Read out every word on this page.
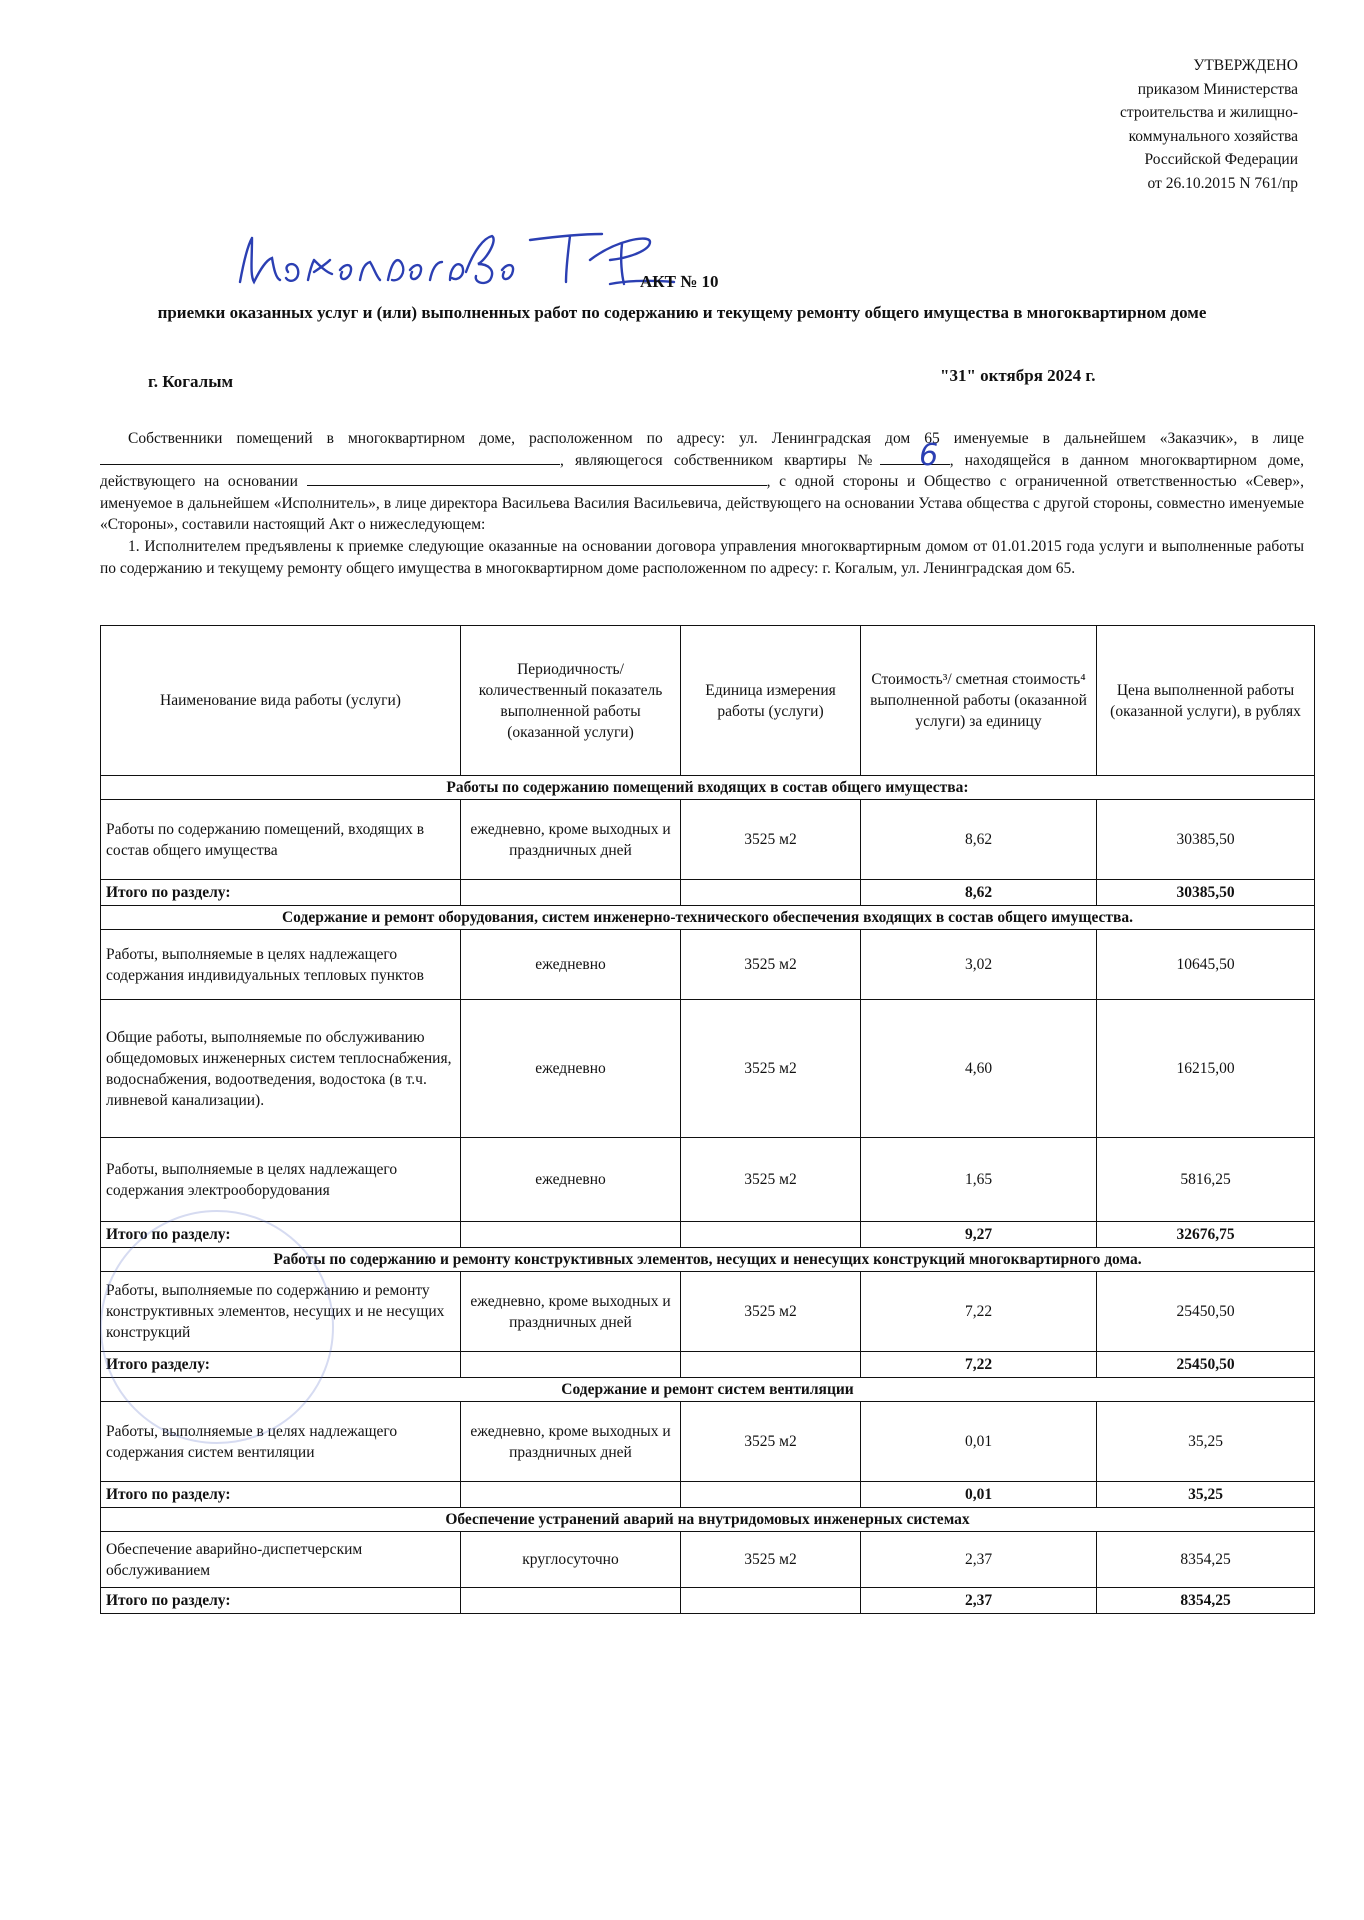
УТВЕРЖДЕНО
приказом Министерства
строительства и жилищно-
коммунального хозяйства
Российской Федерации
от 26.10.2015 N 761/пр
АКТ № 10
приемки оказанных услуг и (или) выполненных работ по содержанию и текущему ремонту общего имущества в многоквартирном доме
г. Когалым	"31" октября 2024 г.

Собственники помещений в многоквартирном доме, расположенном по адресу: ул. Ленинградская дом 65 именуемые в дальнейшем «Заказчик», в лице , являющегося собственником квартиры № 6 , находящейся в данном многоквартирном доме, действующего на основании	, с одной стороны и Общество с ограниченной ответственностью «Север», именуемое в дальнейшем «Исполнитель», в лице директора Васильева Василия Васильевича, действующего на основании Устава общества с другой стороны, совместно именуемые «Стороны», составили настоящий Акт о нижеследующем:

1. Исполнителем предъявлены к приемке следующие оказанные на основании договора управления многоквартирным домом от 01.01.2015 года услуги и выполненные работы по содержанию и текущему ремонту общего имущества в многоквартирном доме расположенном по адресу: г. Когалым, ул. Ленинградская дом 65.

Наименование вида работы (услуги)	Периодичность/ количественный показатель выполненной работы (оказанной услуги)	Единица измерения работы (услуги)	Стоимость³/ сметная стоимость⁴ выполненной работы (оказанной услуги) за единицу	Цена выполненной работы (оказанной услуги), в рублях
Работы по содержанию помещений входящих в состав общего имущества:				
Работы по содержанию помещений, входящих в состав общего имущества	ежедневно, кроме выходных и праздничных дней	3525 м2	8,62	30385,50
Итого по разделу:			8,62	30385,50
Содержание и ремонт оборудования, систем инженерно-технического обеспечения входящих в состав общего имущества.				
Работы, выполняемые в целях надлежащего содержания индивидуальных тепловых пунктов	ежедневно	3525 м2	3,02	10645,50
Общие работы, выполняемые по обслуживанию общедомовых инженерных систем теплоснабжения, водоснабжения, водоотведения, водостока (в т.ч. ливневой канализации).	ежедневно	3525 м2	4,60	16215,00
Работы, выполняемые в целях надлежащего содержания электрооборудования	ежедневно	3525 м2	1,65	5816,25
Итого по разделу:			9,27	32676,75
Работы по содержанию и ремонту конструктивных элементов, несущих и ненесущих конструкций многоквартирного дома.				
Работы, выполняемые по содержанию и ремонту конструктивных элементов, несущих и не несущих конструкций	ежедневно, кроме выходных и праздничных дней	3525 м2	7,22	25450,50
Итого разделу:			7,22	25450,50
Содержание и ремонт систем вентиляции				
Работы, выполняемые в целях надлежащего содержания систем вентиляции	ежедневно, кроме выходных и праздничных дней	3525 м2	0,01	35,25
Итого по разделу:			0,01	35,25
Обеспечение устранений аварий на внутридомовых инженерных системах				
Обеспечение аварийно-диспетчерским обслуживанием	круглосуточно	3525 м2	2,37	8354,25
Итого по разделу:			2,37	8354,25
